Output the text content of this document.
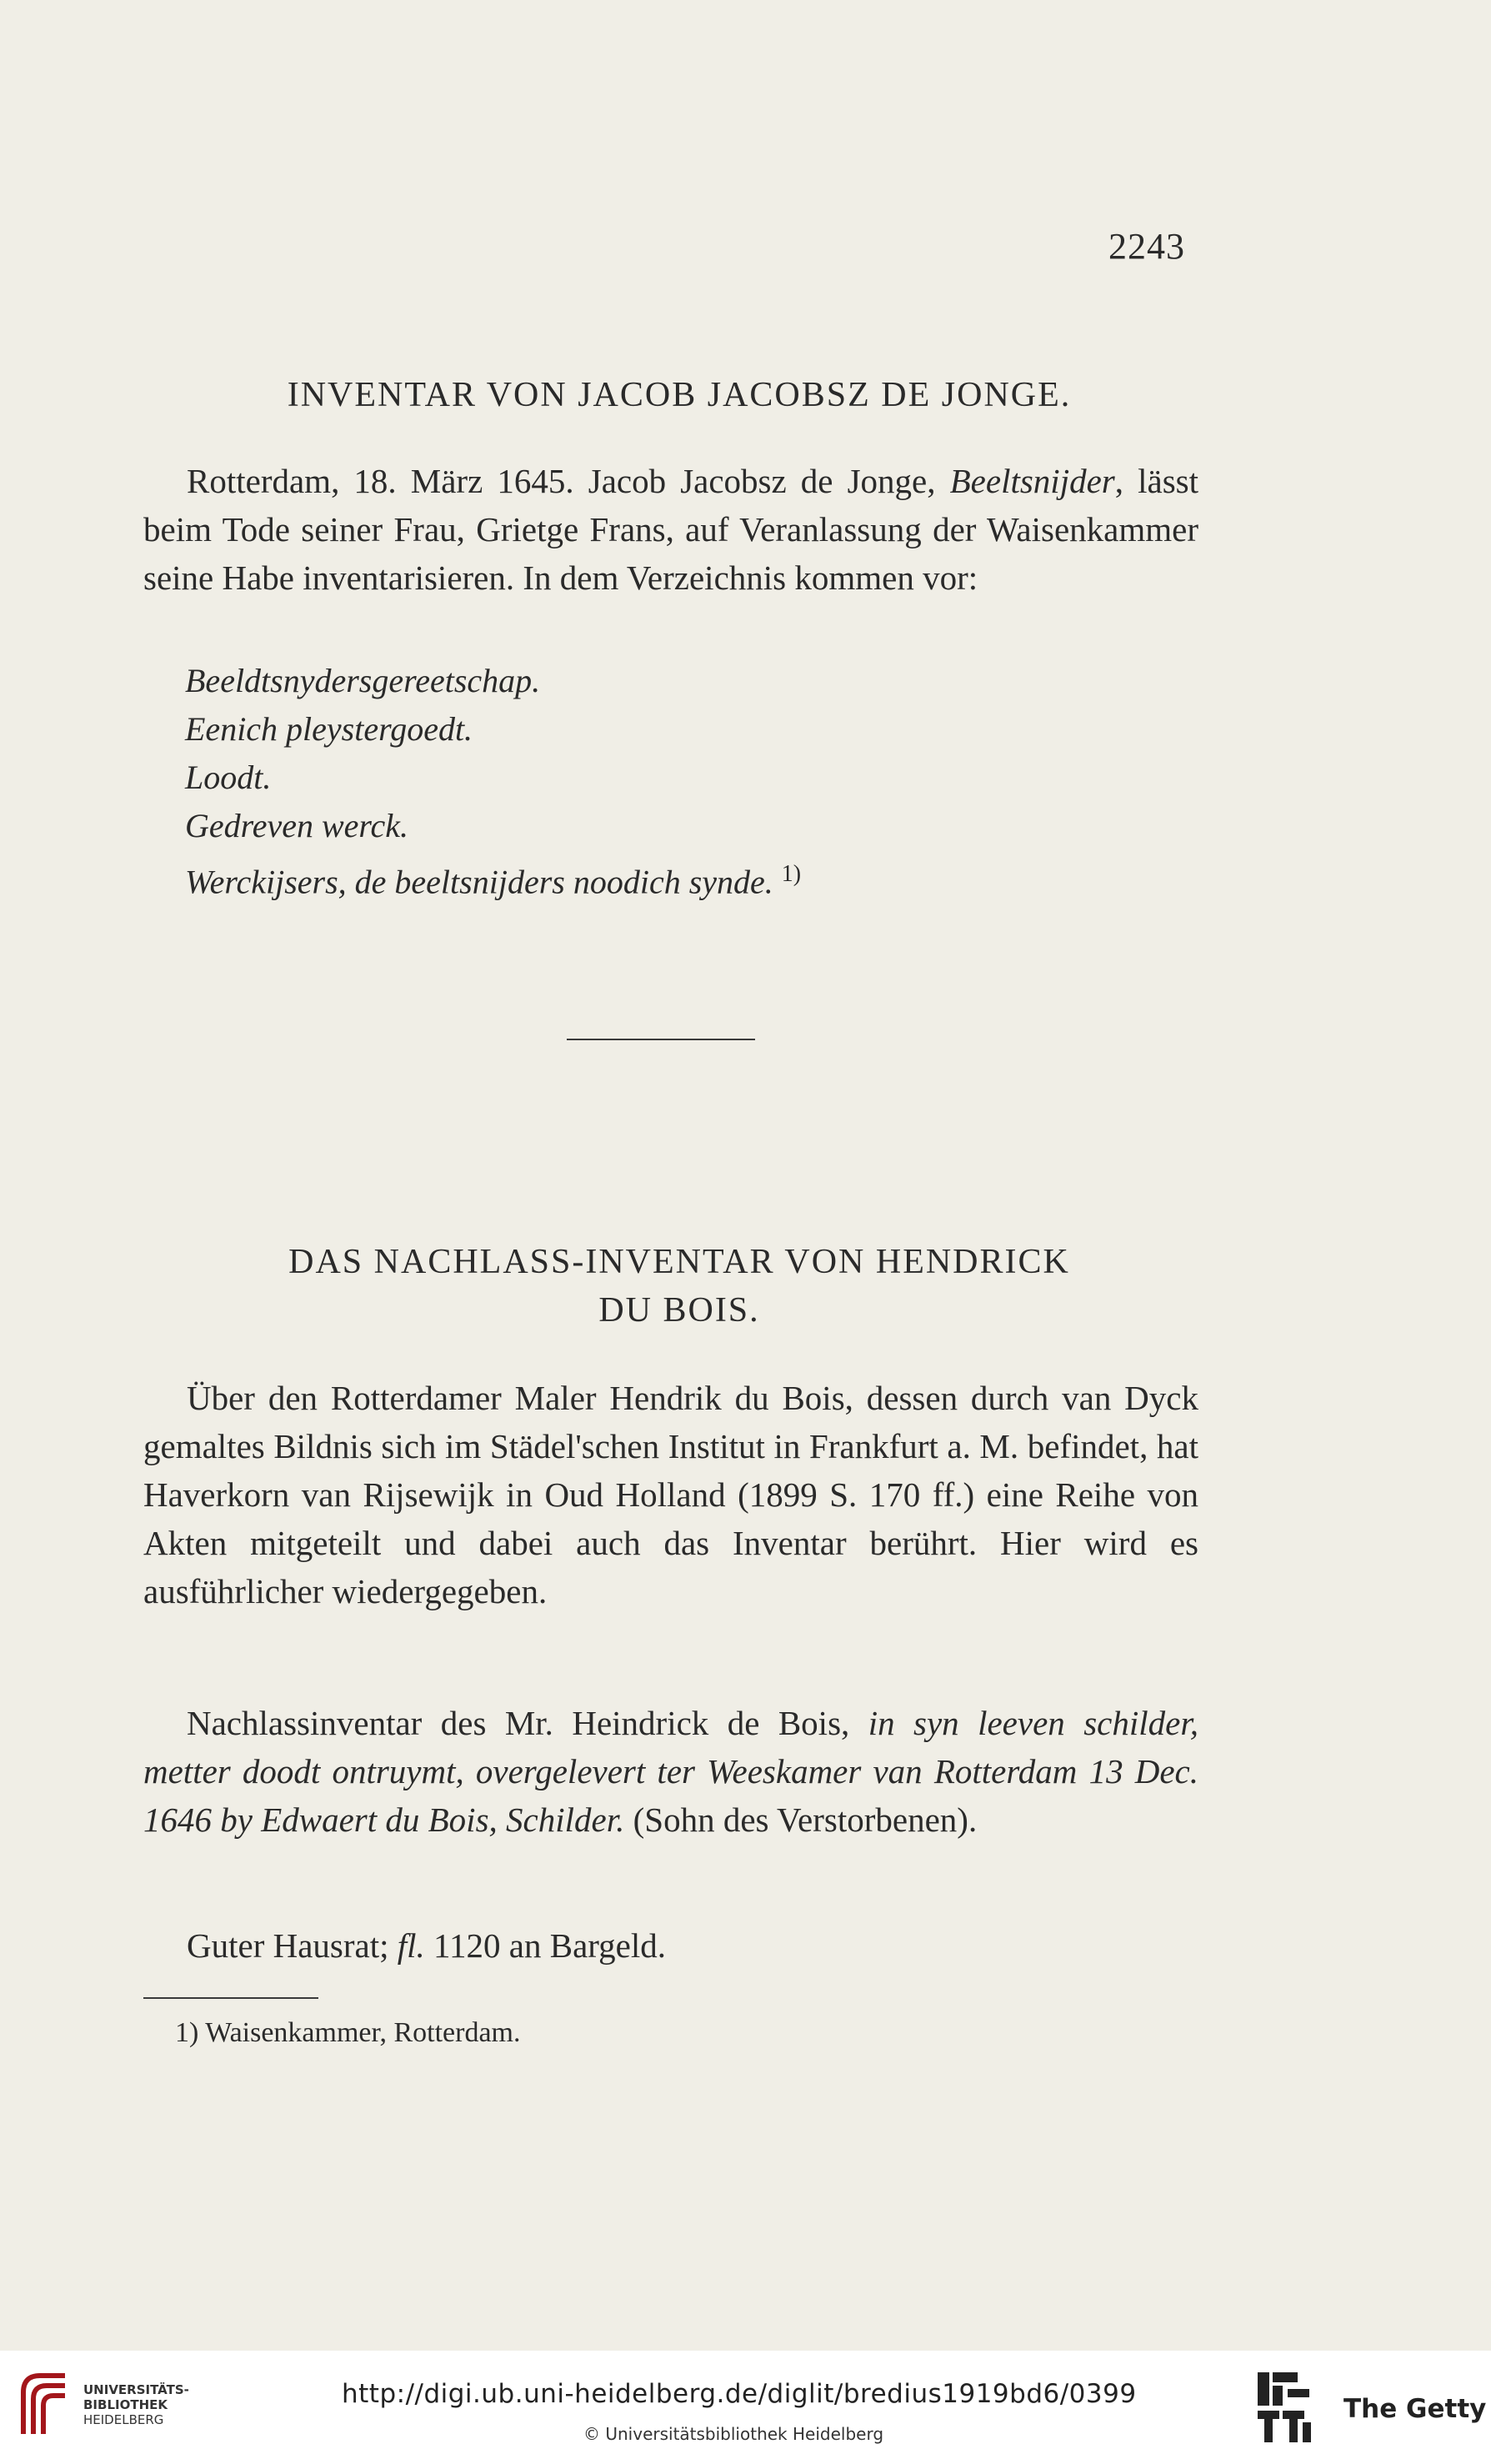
2243
INVENTAR VON JACOB JACOBSZ DE JONGE.

Rotterdam, 18. März 1645. Jacob Jacobsz de Jonge, Beeltsnijder, lässt beim Tode seiner Frau, Grietge Frans, auf Veranlassung der Waisenkammer seine Habe inventarisieren. In dem Verzeichnis kommen vor:

Beeldtsnydersgereetschap.
Eenich pleystergoedt.
Loodt.
Gedreven werck.
Werckijsers, de beeltsnijders noodich synde. $^{1)}$
DAS NACHLASS-INVENTAR VON HENDRICK
DU BOIS.

Über den Rotterdamer Maler Hendrik du Bois, dessen durch van Dyck gemaltes Bildnis sich im Städel'schen Institut in Frankfurt a. M. befindet, hat Haverkorn van Rijsewijk in Oud Holland (1899 S. 170 ff.) eine Reihe von Akten mitgeteilt und dabei auch das Inventar berührt. Hier wird es ausführlicher wiedergegeben.

Nachlassinventar des Mr. Heindrick de Bois, in syn leeven schilder, metter doodt ontruymt, overgelevert ter Weeskamer van Rotterdam 13 Dec. 1646 by Edwaert du Bois, Schilder. (Sohn des Verstorbenen).

Guter Hausrat; fl. 1120 an Bargeld.

1) Waisenkammer, Rotterdam.
UNIVERSITÄTS-
BIBLIOTHEK
HEIDELBERG
http://digi.ub.uni-heidelberg.de/diglit/bredius1919bd6/0399
© Universitätsbibliothek Heidelberg
The Getty
